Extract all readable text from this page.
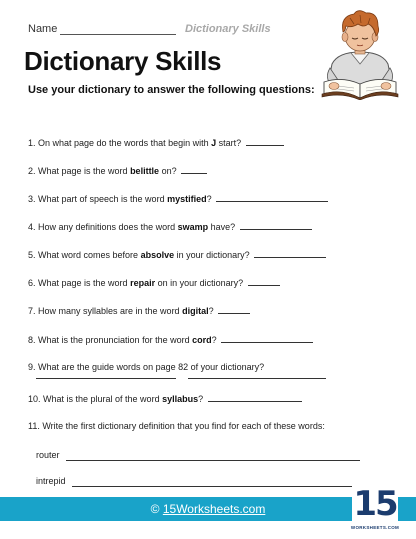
Name	Dictionary Skills
Dictionary Skills
Use your dictionary to answer the following questions:
1. On what page do the words that begin with J start?
2. What page is the word belittle on?
3. What part of speech is the word mystified?
4. How any definitions does the word swamp have?
5. What word comes before absolve in your dictionary?
6. What page is the word repair on in your dictionary?
7. How many syllables are in the word digital?
8. What is the pronunciation for the word cord?
9. What are the guide words on page 82 of your dictionary?
10. What is the plural of the word syllabus?
11. Write the first dictionary definition that you find for each of these words:
router
intrepid
© 15Worksheets.com	15
WORKSHEETS.COM
